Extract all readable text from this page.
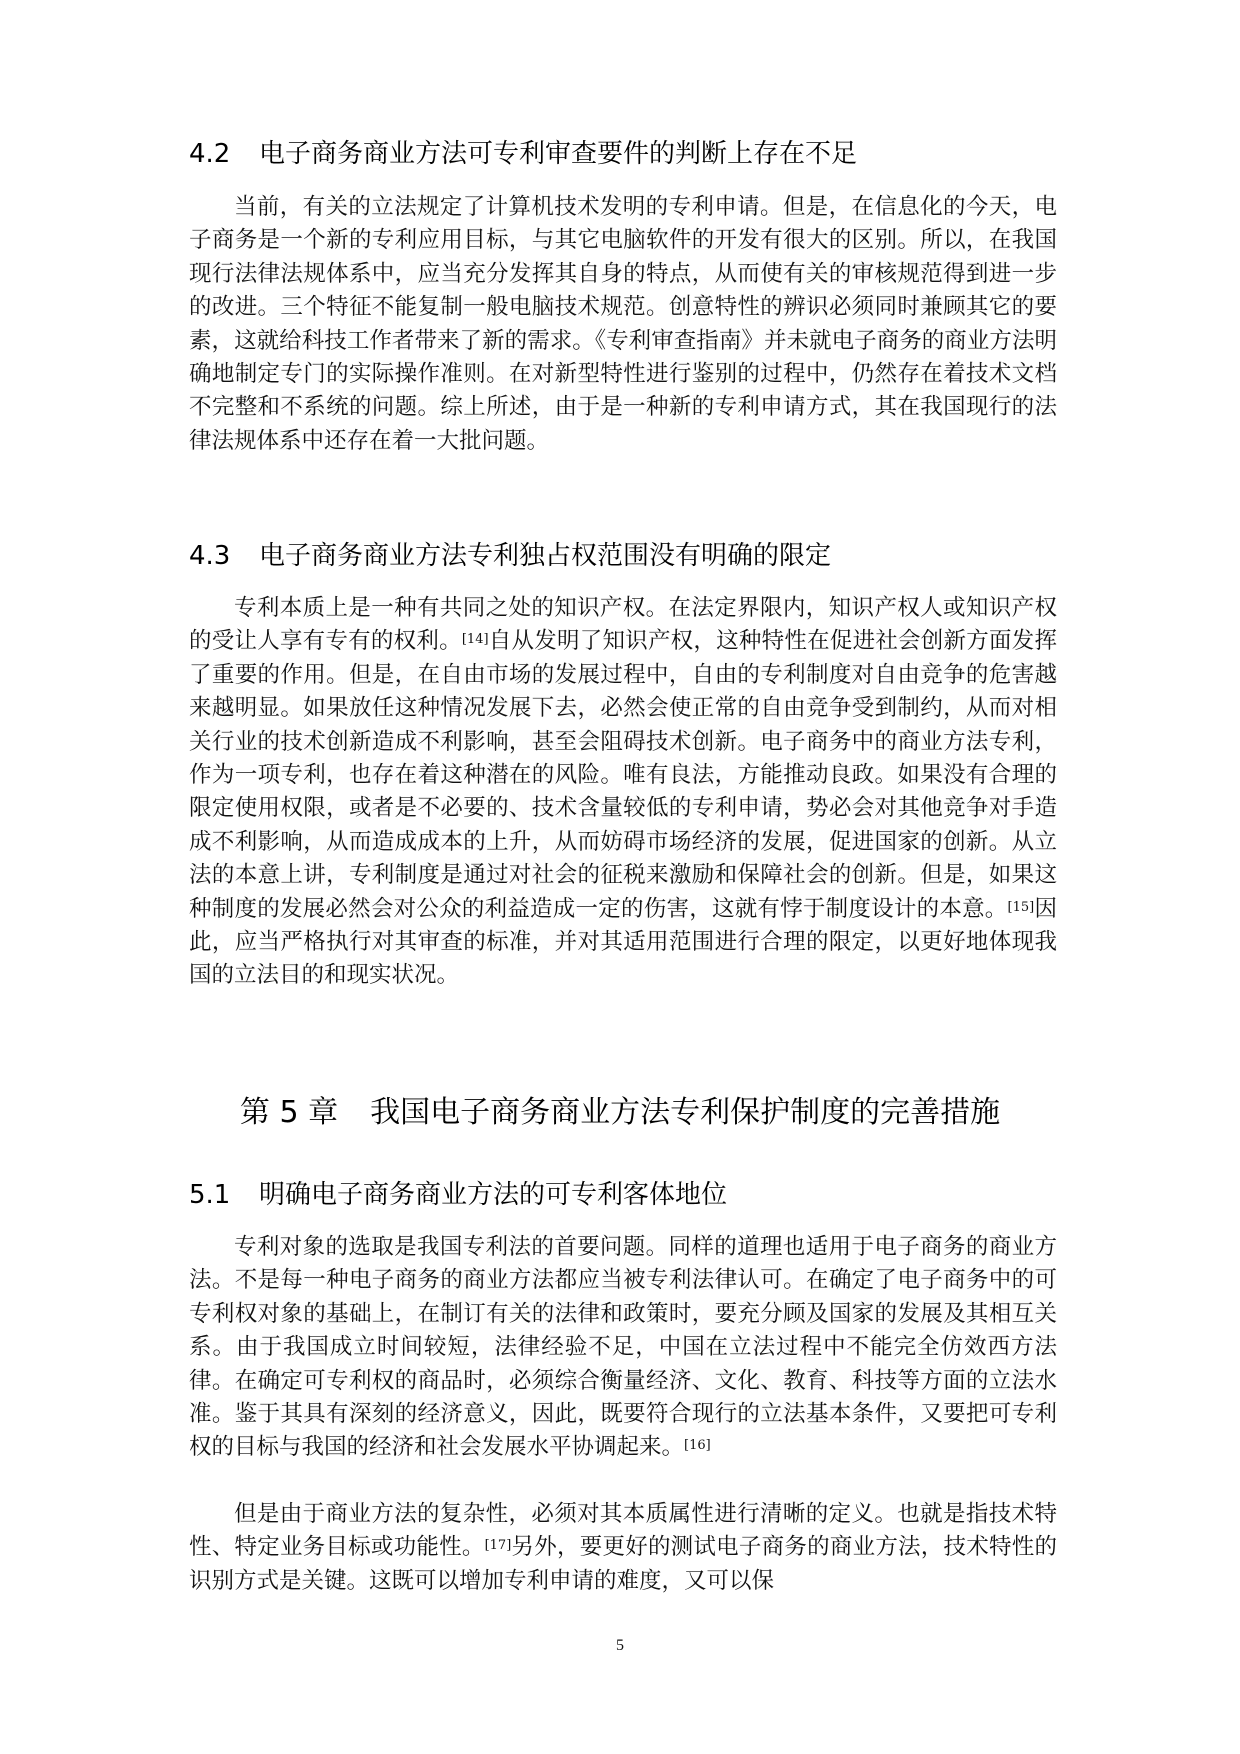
4.2 电子商务商业方法可专利审查要件的判断上存在不足

当前，有关的立法规定了计算机技术发明的专利申请。但是，在信息化的今天，电子商务是一个新的专利应用目标，与其它电脑软件的开发有很大的区别。所以，在我国现行法律法规体系中，应当充分发挥其自身的特点，从而使有关的审核规范得到进一步的改进。三个特征不能复制一般电脑技术规范。创意特性的辨识必须同时兼顾其它的要素，这就给科技工作者带来了新的需求。《专利审查指南》并未就电子商务的商业方法明确地制定专门的实际操作准则。在对新型特性进行鉴别的过程中，仍然存在着技术文档不完整和不系统的问题。综上所述，由于是一种新的专利申请方式，其在我国现行的法律法规体系中还存在着一大批问题。

4.3 电子商务商业方法专利独占权范围没有明确的限定

专利本质上是一种有共同之处的知识产权。在法定界限内，知识产权人或知识产权的受让人享有专有的权利。[14]自从发明了知识产权，这种特性在促进社会创新方面发挥了重要的作用。但是，在自由市场的发展过程中，自由的专利制度对自由竞争的危害越来越明显。如果放任这种情况发展下去，必然会使正常的自由竞争受到制约，从而对相关行业的技术创新造成不利影响，甚至会阻碍技术创新。电子商务中的商业方法专利，作为一项专利，也存在着这种潜在的风险。唯有良法，方能推动良政。如果没有合理的限定使用权限，或者是不必要的、技术含量较低的专利申请，势必会对其他竞争对手造成不利影响，从而造成成本的上升，从而妨碍市场经济的发展，促进国家的创新。从立法的本意上讲，专利制度是通过对社会的征税来激励和保障社会的创新。但是，如果这种制度的发展必然会对公众的利益造成一定的伤害，这就有悖于制度设计的本意。[15]因此，应当严格执行对其审查的标准，并对其适用范围进行合理的限定，以更好地体现我国的立法目的和现实状况。

第 5 章 我国电子商务商业方法专利保护制度的完善措施
5.1 明确电子商务商业方法的可专利客体地位

专利对象的选取是我国专利法的首要问题。同样的道理也适用于电子商务的商业方法。不是每一种电子商务的商业方法都应当被专利法律认可。在确定了电子商务中的可专利权对象的基础上，在制订有关的法律和政策时，要充分顾及国家的发展及其相互关系。由于我国成立时间较短，法律经验不足，中国在立法过程中不能完全仿效西方法律。在确定可专利权的商品时，必须综合衡量经济、文化、教育、科技等方面的立法水准。鉴于其具有深刻的经济意义，因此，既要符合现行的立法基本条件，又要把可专利权的目标与我国的经济和社会发展水平协调起来。[16]

但是由于商业方法的复杂性，必须对其本质属性进行清晰的定义。也就是指技术特性、特定业务目标或功能性。[17]另外，要更好的测试电子商务的商业方法，技术特性的识别方式是关键。这既可以增加专利申请的难度，又可以保

5
